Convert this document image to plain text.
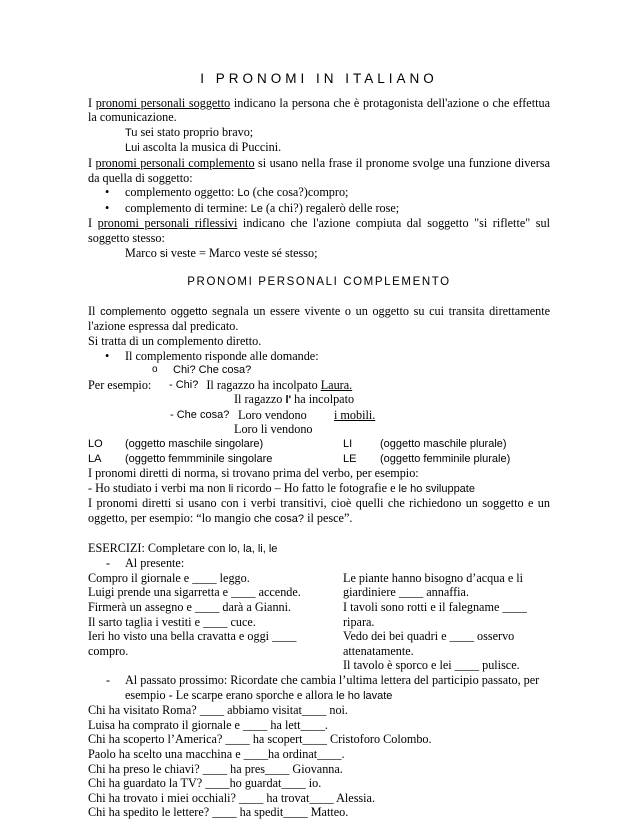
I PRONOMI IN ITALIANO

I pronomi personali soggetto indicano la persona che è protagonista dell'azione o che effettua la comunicazione.

Tu sei stato proprio bravo;

Lui ascolta la musica di Puccini.

I pronomi personali complemento si usano nella frase il pronome svolge una funzione diversa da quella di soggetto:

• complemento oggetto: Lo (che cosa?)compro;
• complemento di termine: Le (a chi?) regalerò delle rose;

I pronomi personali riflessivi indicano che l'azione compiuta dal soggetto "si riflette" sul soggetto stesso:

Marco si veste = Marco veste sé stesso;

PRONOMI PERSONALI COMPLEMENTO

Il complemento oggetto segnala un essere vivente o un oggetto su cui transita direttamente l'azione espressa dal predicato.

Si tratta di un complemento diretto.

• Il complemento risponde alle domande:
o Chi? Che cosa?
Per esempio:	- Chi? Il ragazzo ha incolpato Laura.
Il ragazzo l' ha incolpato
- Che cosa? Loro vendono	i mobili.
Loro li vendono
LO	(oggetto maschile singolare)	LI	(oggetto maschile plurale)
LA	(oggetto femmminile singolare	LE	(oggetto femminile plurale)

I pronomi diretti di norma, si trovano prima del verbo, per esempio:

- Ho studiato i verbi ma non li ricordo – Ho fatto le fotografie e le ho sviluppate

I pronomi diretti si usano con i verbi transitivi, cioè quelli che richiedono un soggetto e un oggetto, per esempio: “lo mangio che cosa? il pesce”.

ESERCIZI: Completare con lo, la, li, le

- Al presente:

Compro il giornale e ____ leggo.

Luigi prende una sigarretta e ____ accende.

Firmerà un assegno e ____ darà a Gianni.

Il sarto taglia i vestiti e ____ cuce.

Ieri ho visto una bella cravatta e oggi ____

compro.

Le piante hanno bisogno d’acqua e li

giardiniere ____ annaffia.

I tavoli sono rotti e il falegname ____ ripara.

Vedo dei bei quadri e ____ osservo

attenatamente.

Il tavolo è sporco e lei ____ pulisce.

- Al passato prossimo: Ricordate che cambia l’ultima lettera del participio passato, per esempio - Le scarpe erano sporche e allora le ho lavate

Chi ha visitato Roma? ____ abbiamo visitat____ noi.

Luisa ha comprato il giornale e ____ ha lett____.

Chi ha scoperto l’America? ____ ha scopert____ Cristoforo Colombo.

Paolo ha scelto una macchina e ____ha ordinat____.

Chi ha preso le chiavi? ____ ha pres____ Giovanna.

Chi ha guardato la TV? ____ho guardat____ io.

Chi ha trovato i miei occhiali? ____ ha trovat____ Alessia.

Chi ha spedito le lettere? ____ ha spedit____ Matteo.
